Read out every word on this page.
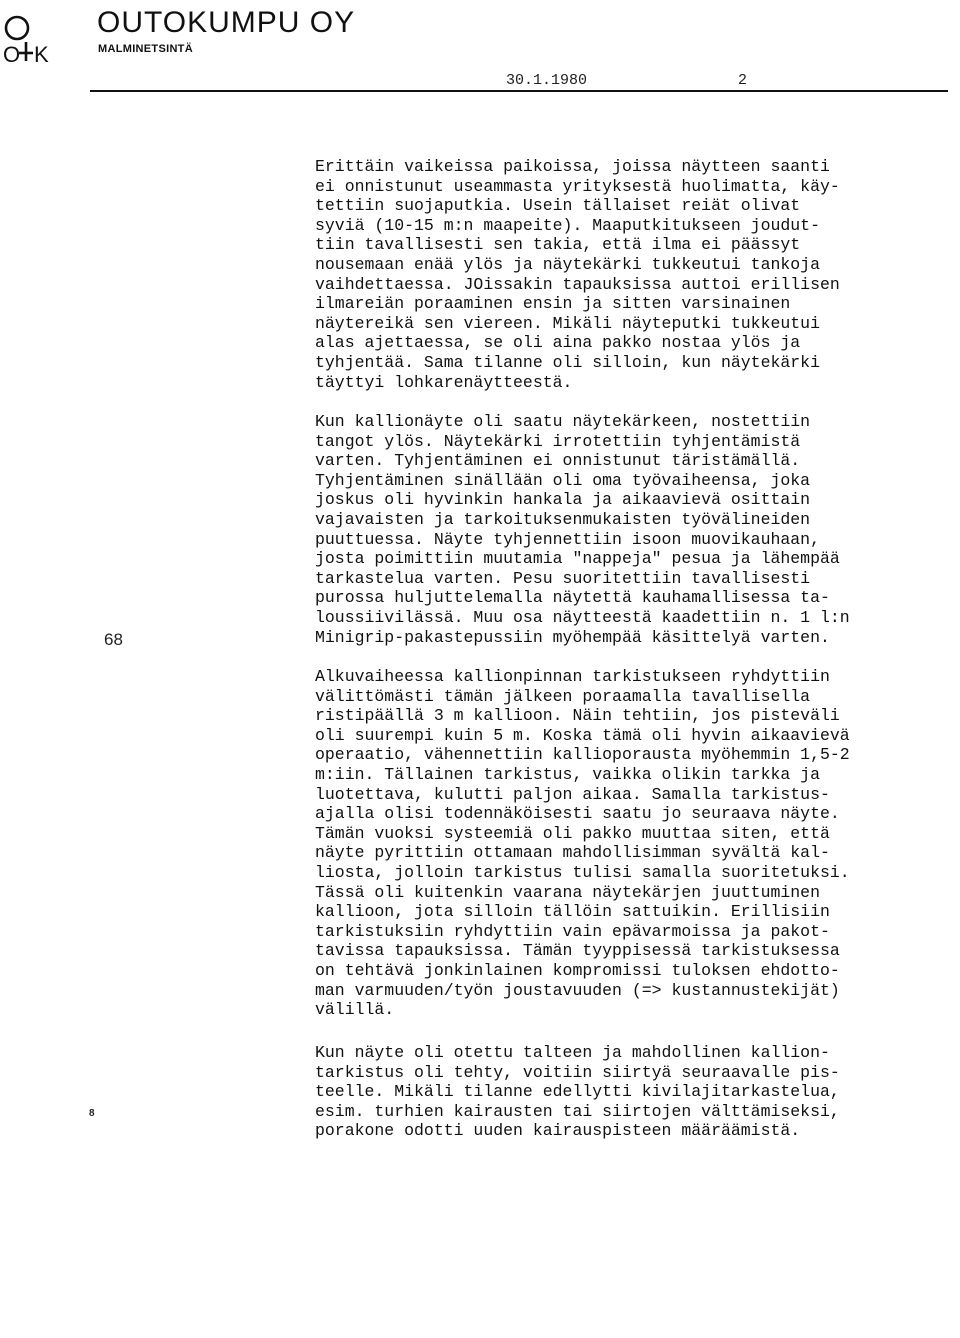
O K
OUTOKUMPU OY
MALMINETSINTÄ
30.1.1980	2
68
8

Erittäin vaikeissa paikoissa, joissa näytteen saanti
ei onnistunut useammasta yrityksestä huolimatta, käy-
tettiin suojaputkia. Usein tällaiset reiät olivat
syviä (10-15 m:n maapeite). Maaputkitukseen joudut-
tiin tavallisesti sen takia, että ilma ei päässyt
nousemaan enää ylös ja näytekärki tukkeutui tankoja
vaihdettaessa. JOissakin tapauksissa auttoi erillisen
ilmareiän poraaminen ensin ja sitten varsinainen
näytereikä sen viereen. Mikäli näyteputki tukkeutui
alas ajettaessa, se oli aina pakko nostaa ylös ja
tyhjentää. Sama tilanne oli silloin, kun näytekärki
täyttyi lohkarenäytteestä.

Kun kallionäyte oli saatu näytekärkeen, nostettiin
tangot ylös. Näytekärki irrotettiin tyhjentämistä
varten. Tyhjentäminen ei onnistunut täristämällä.
Tyhjentäminen sinällään oli oma työvaiheensa, joka
joskus oli hyvinkin hankala ja aikaavievä osittain
vajavaisten ja tarkoituksenmukaisten työvälineiden
puuttuessa. Näyte tyhjennettiin isoon muovikauhaan,
josta poimittiin muutamia "nappeja" pesua ja lähempää
tarkastelua varten. Pesu suoritettiin tavallisesti
purossa huljuttelemalla näytettä kauhamallisessa ta-
loussiivilässä. Muu osa näytteestä kaadettiin n. 1 l:n
Minigrip-pakastepussiin myöhempää käsittelyä varten.

Alkuvaiheessa kallionpinnan tarkistukseen ryhdyttiin
välittömästi tämän jälkeen poraamalla tavallisella
ristipäällä 3 m kallioon. Näin tehtiin, jos pisteväli
oli suurempi kuin 5 m. Koska tämä oli hyvin aikaavievä
operaatio, vähennettiin kallioporausta myöhemmin 1,5-2
m:iin. Tällainen tarkistus, vaikka olikin tarkka ja
luotettava, kulutti paljon aikaa. Samalla tarkistus-
ajalla olisi todennäköisesti saatu jo seuraava näyte.
Tämän vuoksi systeemiä oli pakko muuttaa siten, että
näyte pyrittiin ottamaan mahdollisimman syvältä kal-
liosta, jolloin tarkistus tulisi samalla suoritetuksi.
Tässä oli kuitenkin vaarana näytekärjen juuttuminen
kallioon, jota silloin tällöin sattuikin. Erillisiin
tarkistuksiin ryhdyttiin vain epävarmoissa ja pakot-
tavissa tapauksissa. Tämän tyyppisessä tarkistuksessa
on tehtävä jonkinlainen kompromissi tuloksen ehdotto-
man varmuuden/työn joustavuuden (=> kustannustekijät)
välillä.

Kun näyte oli otettu talteen ja mahdollinen kallion-
tarkistus oli tehty, voitiin siirtyä seuraavalle pis-
teelle. Mikäli tilanne edellytti kivilajitarkastelua,
esim. turhien kairausten tai siirtojen välttämiseksi,
porakone odotti uuden kairauspisteen määräämistä.
